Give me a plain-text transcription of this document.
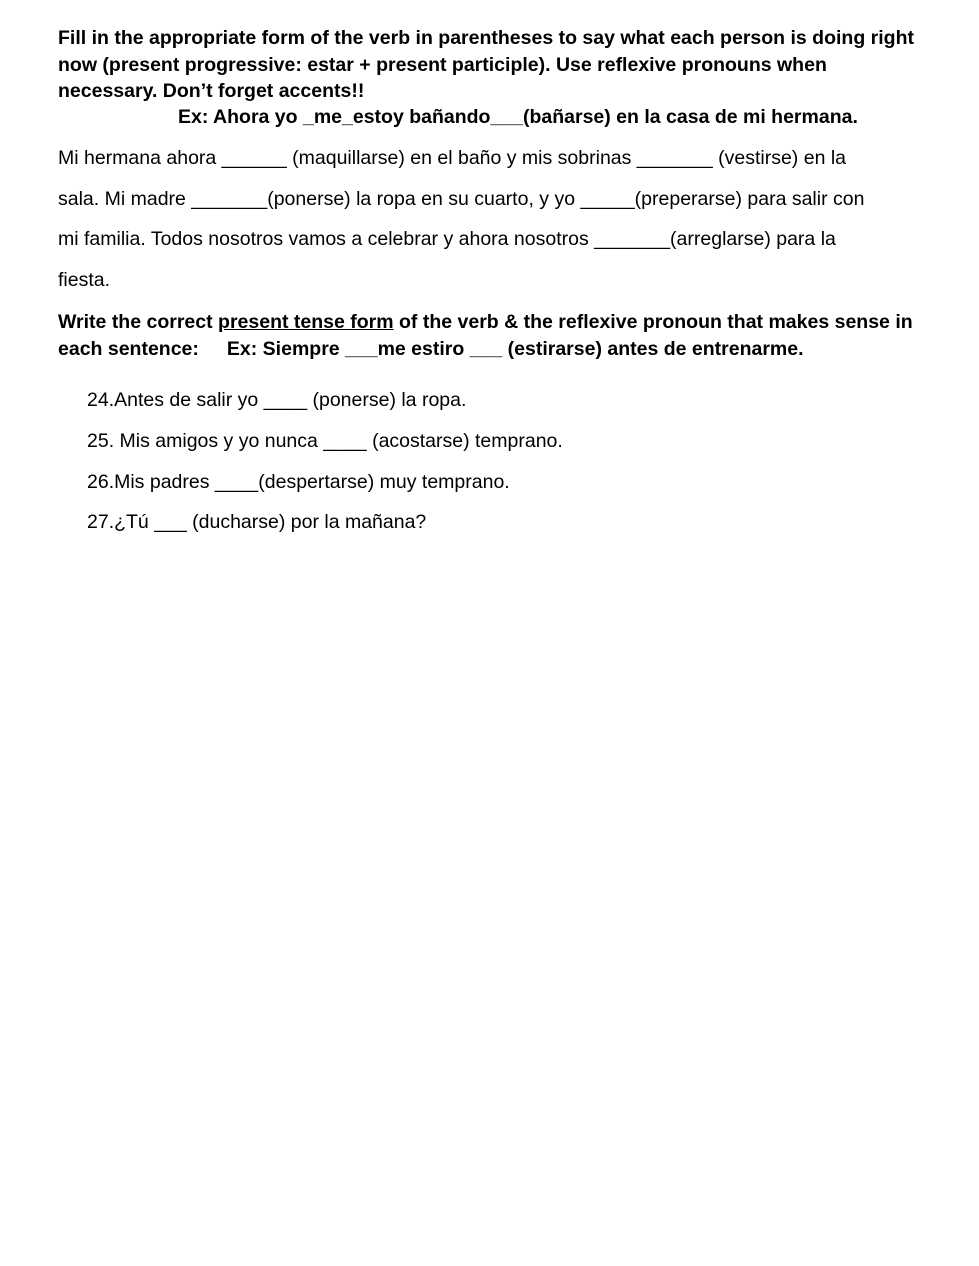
Fill in the appropriate form of the verb in parentheses to say what each person is doing right now (present progressive: estar + present participle). Use reflexive pronouns when necessary. Don’t forget accents!!
Ex: Ahora yo _me_estoy bañando___(bañarse) en la casa de mi hermana.
Mi hermana ahora ______ (maquillarse) en el baño y mis sobrinas _______ (vestirse) en la
sala. Mi madre _______(ponerse) la ropa en su cuarto, y yo _____(preperarse) para salir con
mi familia. Todos nosotros vamos a celebrar y ahora nosotros _______(arreglarse) para la
fiesta.
Write the correct present tense form of the verb & the reflexive pronoun that makes sense in
each sentence: Ex: Siempre ___me estiro ___ (estirarse) antes de entrenarme.
24.Antes de salir yo ____ (ponerse) la ropa.
25. Mis amigos y yo nunca ____ (acostarse) temprano.
26.Mis padres ____(despertarse) muy temprano.
27.¿Tú ___ (ducharse) por la mañana?
